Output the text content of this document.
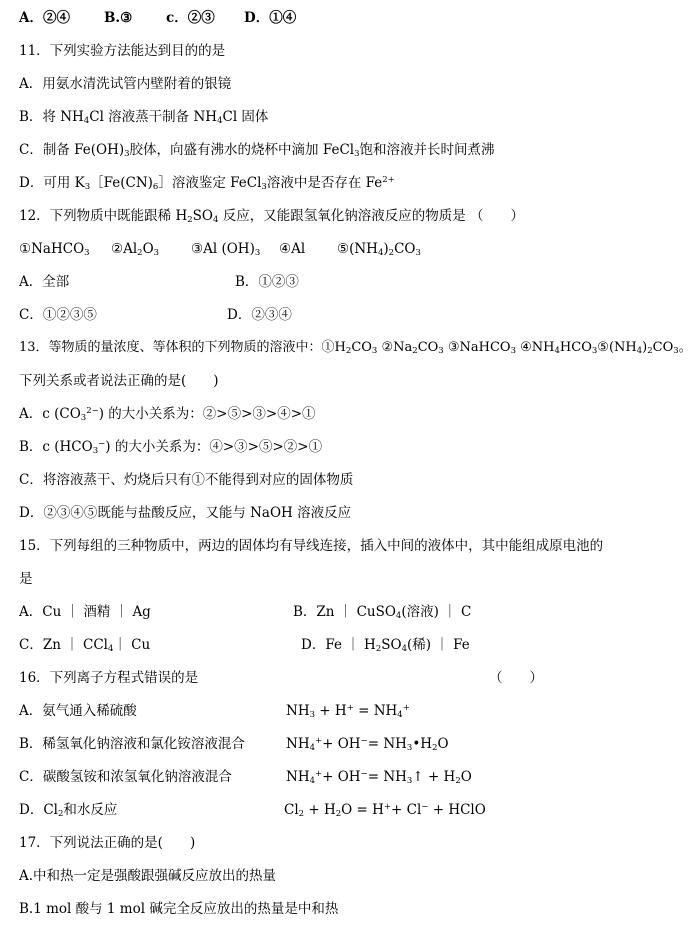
A．②④	B.③	c．②③ D．①④
11．下列实验方法能达到目的的是
A．用氨水清洗试管内壁附着的银镜
B．将 $NH_4Cl$ 溶液蒸干制备 $NH_4Cl$ 固体
C．制备 $Fe(OH)_3$胶体，向盛有沸水的烧杯中滴加 FeCl$_3$饱和溶液并长时间煮沸
D．可用 $K_3[Fe(CN)_6]$溶液鉴定 FeCl$_3$溶液中是否存在 $Fe^{2+}$
12．下列物质中既能跟稀 $H_2SO_4$ 反应，又能跟氢氧化钠溶液反应的物质是 （　　）
①NaHCO$_3$ $②Al_2O_3$ ③Al $(OH)_3$ ④Al $⑤(NH_4)_2CO_3$
A．全部	B．①②③
C．①②③⑤	D．②③④
13．等物质的量浓度、等体积的下列物质的溶液中：$①H_2CO_3$ $②Na_2CO_3$ ③NaHCO$_3$ $④NH_4HCO_3⑤(NH_4)_2CO_3$。
下列关系或者说法正确的是(　　)
A．c $(CO_3^{2-})$ 的大小关系为：②>⑤>③>④>①
B．c $(HCO_3^-)$ 的大小关系为：④>③>⑤>②>①
C．将溶液蒸干、灼烧后只有①不能得到对应的固体物质
D．②③④⑤既能与盐酸反应，又能与 NaOH 溶液反应
15．下列每组的三种物质中，两边的固体均有导线连接，插入中间的液体中，其中能组成原电池的
是
A．Cu ｜ 酒精 ｜ Ag	B．Zn ｜ CuSO$_4$(溶液) ｜ C
C．Zn ｜ CCl$_4$｜ Cu	D．Fe ｜ $H_2SO_4$(稀) ｜ Fe
16．下列离子方程式错误的是	（　　）
A．氨气通入稀硫酸	$NH_3 + H^+ = NH_4^+$
B．稀氢氧化钠溶液和氯化铵溶液混合	$NH_4^++ OH^-=$ $NH_3•H_2O$
C．碳酸氢铵和浓氢氧化钠溶液混合	$NH_4^++ OH^-=$ $NH_3↑ + H_2O$
D．$Cl_2$和水反应	$Cl_2 + H_2O = H^++ Cl^-$ + HClO
17．下列说法正确的是(　　)
A.中和热一定是强酸跟强碱反应放出的热量
B.1 mol 酸与 1 mol 碱完全反应放出的热量是中和热
